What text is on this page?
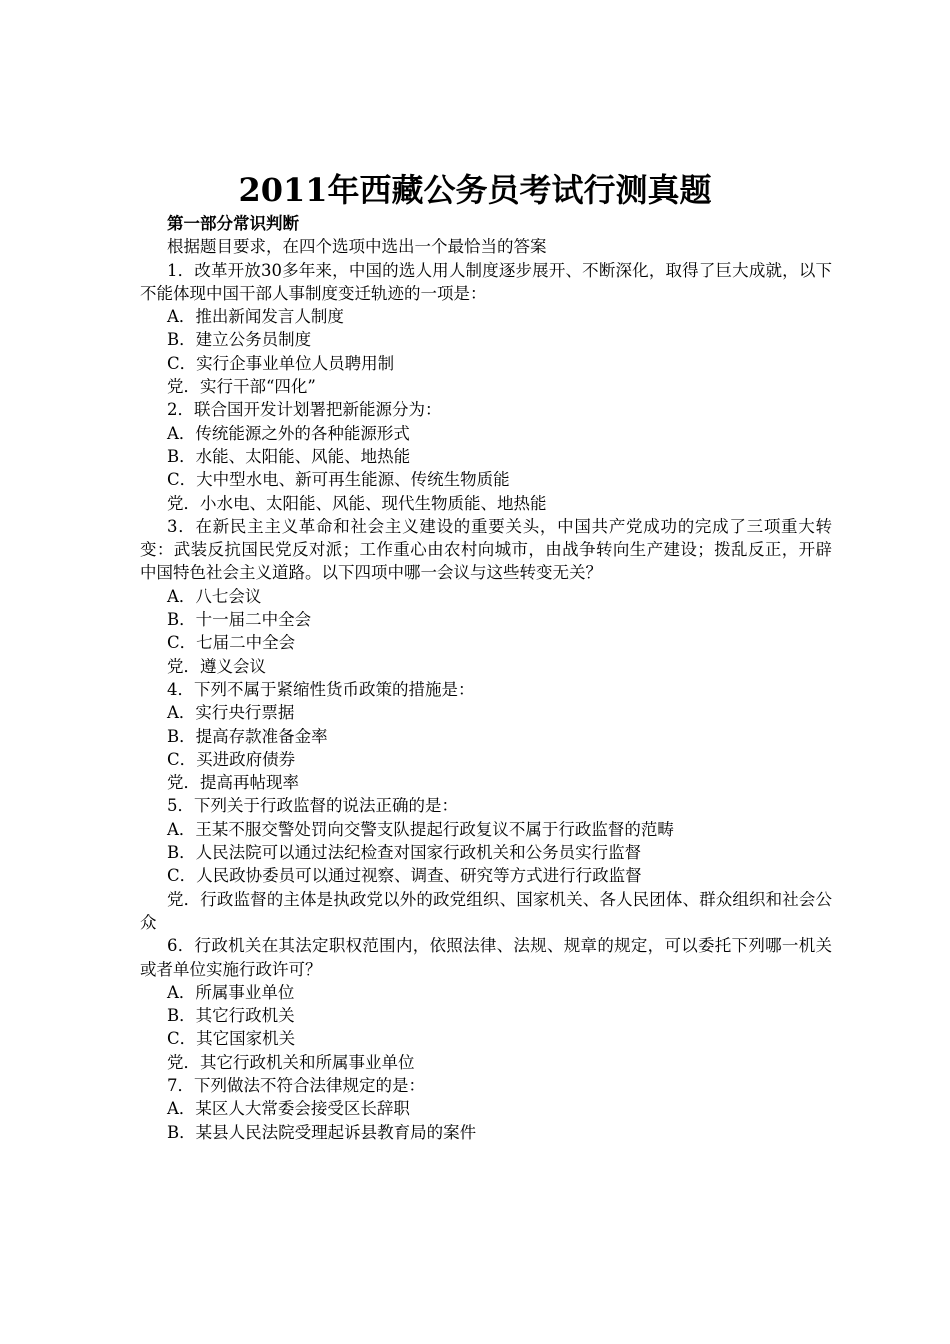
2011年西藏公务员考试行测真题
第一部分常识判断
根据题目要求，在四个选项中选出一个最恰当的答案
1．改革开放30多年来，中国的选人用人制度逐步展开、不断深化，取得了巨大成就，以下不能体现中国干部人事制度变迁轨迹的一项是：
A．推出新闻发言人制度
B．建立公务员制度
C．实行企事业单位人员聘用制
党．实行干部“四化”
2．联合国开发计划署把新能源分为：
A．传统能源之外的各种能源形式
B．水能、太阳能、风能、地热能
C．大中型水电、新可再生能源、传统生物质能
党．小水电、太阳能、风能、现代生物质能、地热能
3．在新民主主义革命和社会主义建设的重要关头，中国共产党成功的完成了三项重大转变：武装反抗国民党反对派；工作重心由农村向城市，由战争转向生产建设；拨乱反正，开辟中国特色社会主义道路。以下四项中哪一会议与这些转变无关？
A．八七会议
B．十一届二中全会
C．七届二中全会
党．遵义会议
4．下列不属于紧缩性货币政策的措施是：
A．实行央行票据
B．提高存款准备金率
C．买进政府债券
党．提高再帖现率
5．下列关于行政监督的说法正确的是：
A．王某不服交警处罚向交警支队提起行政复议不属于行政监督的范畴
B．人民法院可以通过法纪检查对国家行政机关和公务员实行监督
C．人民政协委员可以通过视察、调查、研究等方式进行行政监督
党．行政监督的主体是执政党以外的政党组织、国家机关、各人民团体、群众组织和社会公众
6．行政机关在其法定职权范围内，依照法律、法规、规章的规定，可以委托下列哪一机关或者单位实施行政许可？
A．所属事业单位
B．其它行政机关
C．其它国家机关
党．其它行政机关和所属事业单位
7．下列做法不符合法律规定的是：
A．某区人大常委会接受区长辞职
B．某县人民法院受理起诉县教育局的案件
